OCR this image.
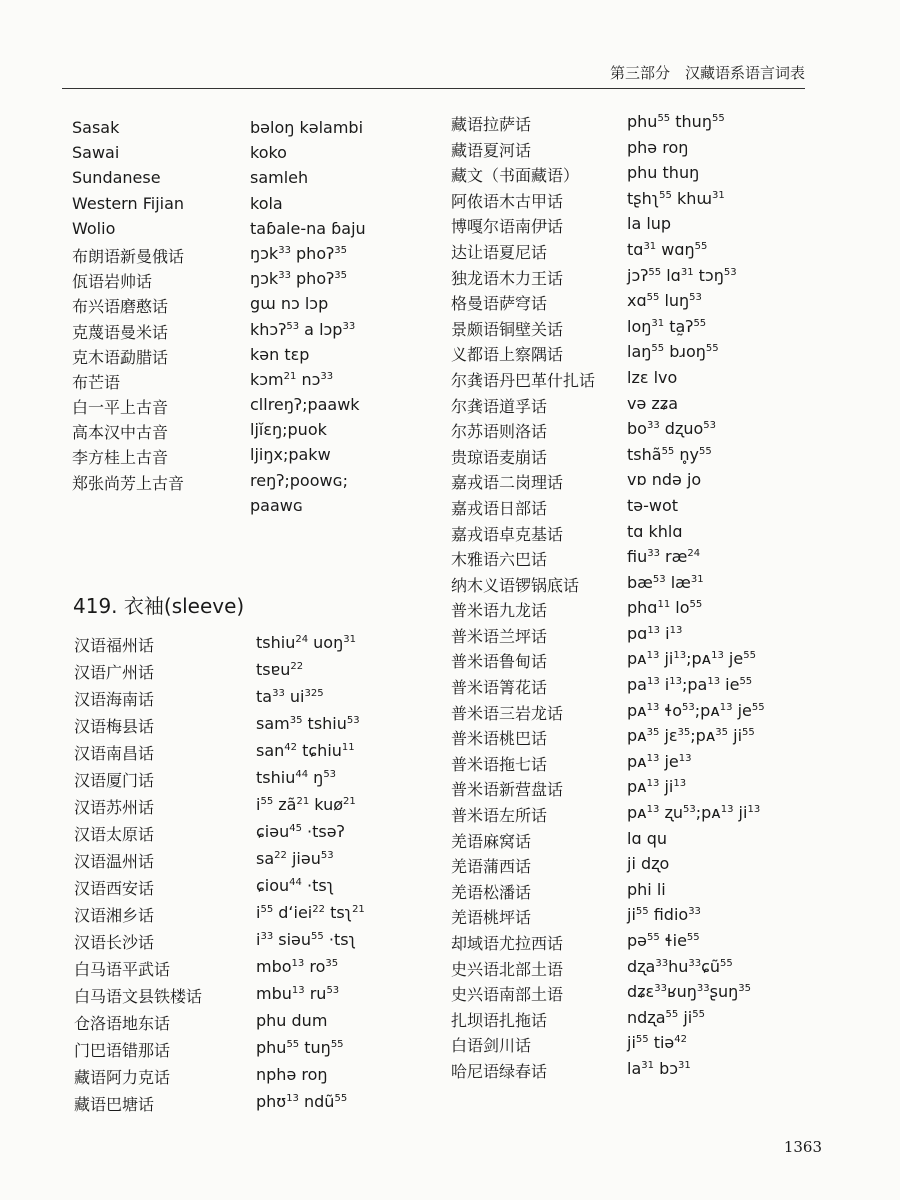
第三部分　汉藏语系语言词表
Sasak	bəloŋ kəlambi
Sawai	koko
Sundanese	samleh
Western Fijian	kola
Wolio	taɓale-na ɓaju
布朗语新曼俄话	ŋɔk$^{33}$ phoʔ$^{35}$
佤语岩帅话	ŋɔk$^{33}$ phoʔ$^{35}$
布兴语磨憨话	gɯ nɔ lɔp
克蔑语曼米话	khɔʔ$^{53}$ a lɔp$^{33}$
克木语勐腊话	kən tɛp
布芒语	kɔm$^{21}$ nɔ$^{33}$
白一平上古音	cllreŋʔ;paawk
高本汉中古音	ljĭɛŋ;puok
李方桂上古音	ljiŋx;pakw
郑张尚芳上古音	reŋʔ;poowɢ;
paawɢ
419. 衣袖(sleeve)
汉语福州话	tshiu$^{24}$ uoŋ$^{31}$
汉语广州话	tsɐu$^{22}$
汉语海南话	$ta^{33}$ $ui^{325}$
汉语梅县话	sam$^{35}$ tshiu$^{53}$
汉语南昌话	san$^{42}$ tɕhiu$^{11}$
汉语厦门话	tshiu$^{44}$ $ŋ^{53}$
汉语苏州话	$i^{55}$ $zã^{21}$ kuø$^{21}$
汉语太原话	ɕiəu$^{45}$ ·tsəʔ
汉语温州话	$sa^{22}$ jiəu$^{53}$
汉语西安话	ɕiou$^{44}$ ·tsʅ
汉语湘乡话	$i^{55}$ dʻiei$^{22}$ tsʅ$^{21}$
汉语长沙话	$i^{33}$ siəu$^{55}$ ·tsʅ
白马语平武话	mbo$^{13}$ $ro^{35}$
白马语文县铁楼话	mbu$^{13}$ $ru^{53}$
仓洛语地东话	phu dum
门巴语错那话	phu$^{55}$ tuŋ$^{55}$
藏语阿力克话	nphə roŋ
藏语巴塘话	phʊ$^{13}$ ndũ$^{55}$
藏语拉萨话	phu$^{55}$ thuŋ$^{55}$
藏语夏河话	phə roŋ
藏文（书面藏语）	phu thuŋ
阿侬语木古甲话	tʂhʅ$^{55}$ khɯ$^{31}$
博嘎尔语南伊话	la lup
达让语夏尼话	tɑ$^{31}$ wɑŋ$^{55}$
独龙语木力王话	jɔʔ$^{55}$ lɑ$^{31}$ tɔŋ$^{53}$
格曼语萨穹话	xɑ$^{55}$ luŋ$^{53}$
景颇语铜壁关话	loŋ$^{31}$ ta̰ʔ$^{55}$
义都语上察隅话	laŋ$^{55}$ bɹoŋ$^{55}$
尔龚语丹巴革什扎话 lzɛ lvo
尔龚语道孚话	və zʑa
尔苏语则洛话	$bo^{33}$ dʐuo$^{53}$
贵琼语麦崩话	tshã$^{55}$ $n̥y^{55}$
嘉戎语二岗理话	vɒ ndə jo
嘉戎语日部话	tə-wot
嘉戎语卓克基话	tɑ khlɑ
木雅语六巴话	fiu$^{33}$ $ræ^{24}$
纳木义语锣锅底话	$bæ^{53}$ $læ^{31}$
普米语九龙话	phɑ$^{11}$ $lo^{55}$
普米语兰坪话	pɑ$^{13}$ $i^{13}$
普米语鲁甸话	pᴀ$^{13}$ $ji^{13};pᴀ^{13}$ $je^{55}$
普米语箐花话	$pa^{13}$ $i^{13};pa^{13}$ $ie^{55}$
普米语三岩龙话	pᴀ$^{13}$ ɬo$^{53}$;pᴀ$^{13}$ $je^{55}$
普米语桃巴话	pᴀ$^{35}$ jɛ$^{35}$;pᴀ$^{35}$ $ji^{55}$
普米语拖七话	pᴀ$^{13}$ $je^{13}$
普米语新营盘话	pᴀ$^{13}$ $ji^{13}$
普米语左所话	pᴀ$^{13}$ ʐu$^{53}$;pᴀ$^{13}$ $ji^{13}$
羌语麻窝话	lɑ qu
羌语蒲西话	ji dʐo
羌语松潘话	phi li
羌语桃坪话	$ji^{55}$ fidio$^{33}$
却域语尤拉西话	pə$^{55}$ ɬie$^{55}$
史兴语北部土语	$dʐa^{33}hu^{33}ɕũ^{55}$
史兴语南部土语	dʑɛ$^{33}$ʁuŋ$^{33}$ʂuŋ$^{35}$
扎坝语扎拖话	ndʐa$^{55}$ $ji^{55}$
白语剑川话	$ji^{55}$ tiə$^{42}$
哈尼语绿春话	$la^{31}$ bɔ$^{31}$
1363
